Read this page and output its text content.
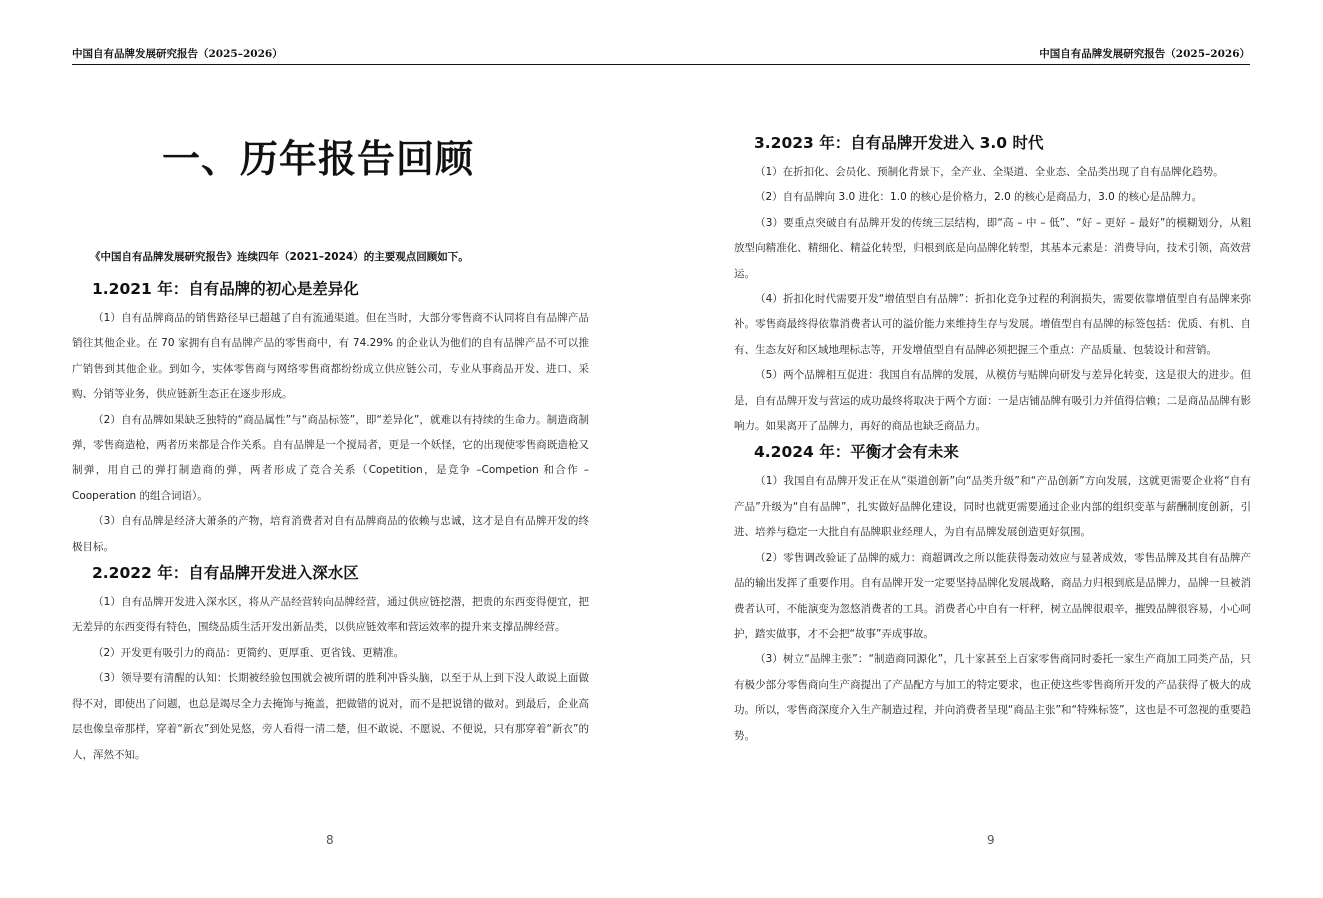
中国自有品牌发展研究报告（2025–2026）
一、历年报告回顾
《中国自有品牌发展研究报告》连续四年（2021–2024）的主要观点回顾如下。
1.2021 年：自有品牌的初心是差异化

（1）自有品牌商品的销售路径早已超越了自有流通渠道。但在当时，大部分零售商不认同将自有品牌产品销往其他企业。在 70 家拥有自有品牌产品的零售商中，有 74.29% 的企业认为他们的自有品牌产品不可以推广销售到其他企业。到如今，实体零售商与网络零售商都纷纷成立供应链公司，专业从事商品开发、进口、采购、分销等业务，供应链新生态正在逐步形成。

（2）自有品牌如果缺乏独特的“商品属性”与“商品标签”，即“差异化”，就难以有持续的生命力。制造商制弹，零售商造枪，两者历来都是合作关系。自有品牌是一个搅局者，更是一个妖怪，它的出现使零售商既造枪又制弹，用自己的弹打制造商的弹，两者形成了竞合关系（Copetition，是竞争 –Competion 和合作 –Cooperation 的组合词语）。

（3）自有品牌是经济大萧条的产物，培育消费者对自有品牌商品的依赖与忠诚，这才是自有品牌开发的终极目标。

2.2022 年：自有品牌开发进入深水区

（1）自有品牌开发进入深水区，将从产品经营转向品牌经营，通过供应链挖潜，把贵的东西变得便宜，把无差异的东西变得有特色，围绕品质生活开发出新品类，以供应链效率和营运效率的提升来支撑品牌经营。

（2）开发更有吸引力的商品：更简约、更厚重、更省钱、更精准。

（3）领导要有清醒的认知：长期被经验包围就会被所谓的胜利冲昏头脑，以至于从上到下没人敢说上面做得不对，即使出了问题，也总是竭尽全力去掩饰与掩盖，把做错的说对，而不是把说错的做对。到最后，企业高层也像皇帝那样，穿着“新衣”到处晃悠，旁人看得一清二楚，但不敢说、不愿说、不便说，只有那穿着“新衣”的人，浑然不知。

8
中国自有品牌发展研究报告（2025–2026）
3.2023 年：自有品牌开发进入 3.0 时代

（1）在折扣化、会员化、预制化背景下，全产业、全渠道、全业态、全品类出现了自有品牌化趋势。

（2）自有品牌向 3.0 进化：1.0 的核心是价格力，2.0 的核心是商品力，3.0 的核心是品牌力。

（3）要重点突破自有品牌开发的传统三层结构，即“高 – 中 – 低”、“好 – 更好 – 最好”的模糊划分，从粗放型向精准化、精细化、精益化转型，归根到底是向品牌化转型，其基本元素是：消费导向，技术引领，高效营运。

（4）折扣化时代需要开发“增值型自有品牌”：折扣化竞争过程的利润损失，需要依靠增值型自有品牌来弥补。零售商最终得依靠消费者认可的溢价能力来维持生存与发展。增值型自有品牌的标签包括：优质、有机、自有、生态友好和区域地理标志等，开发增值型自有品牌必须把握三个重点：产品质量、包装设计和营销。

（5）两个品牌相互促进：我国自有品牌的发展，从模仿与贴牌向研发与差异化转变，这是很大的进步。但是，自有品牌开发与营运的成功最终将取决于两个方面：一是店铺品牌有吸引力并值得信赖；二是商品品牌有影响力。如果离开了品牌力，再好的商品也缺乏商品力。

4.2024 年：平衡才会有未来

（1）我国自有品牌开发正在从“渠道创新”向“品类升级”和“产品创新”方向发展，这就更需要企业将“自有产品”升级为“自有品牌”，扎实做好品牌化建设，同时也就更需要通过企业内部的组织变革与薪酬制度创新，引进、培养与稳定一大批自有品牌职业经理人，为自有品牌发展创造更好氛围。

（2）零售调改验证了品牌的威力：商超调改之所以能获得轰动效应与显著成效，零售品牌及其自有品牌产品的输出发挥了重要作用。自有品牌开发一定要坚持品牌化发展战略，商品力归根到底是品牌力，品牌一旦被消费者认可，不能演变为忽悠消费者的工具。消费者心中自有一杆秤，树立品牌很艰辛，摧毁品牌很容易，小心呵护，踏实做事，才不会把“故事”弄成事故。

（3）树立“品牌主张”：“制造商同源化”，几十家甚至上百家零售商同时委托一家生产商加工同类产品，只有极少部分零售商向生产商提出了产品配方与加工的特定要求，也正使这些零售商所开发的产品获得了极大的成功。所以，零售商深度介入生产制造过程，并向消费者呈现“商品主张”和“特殊标签”，这也是不可忽视的重要趋势。

9
